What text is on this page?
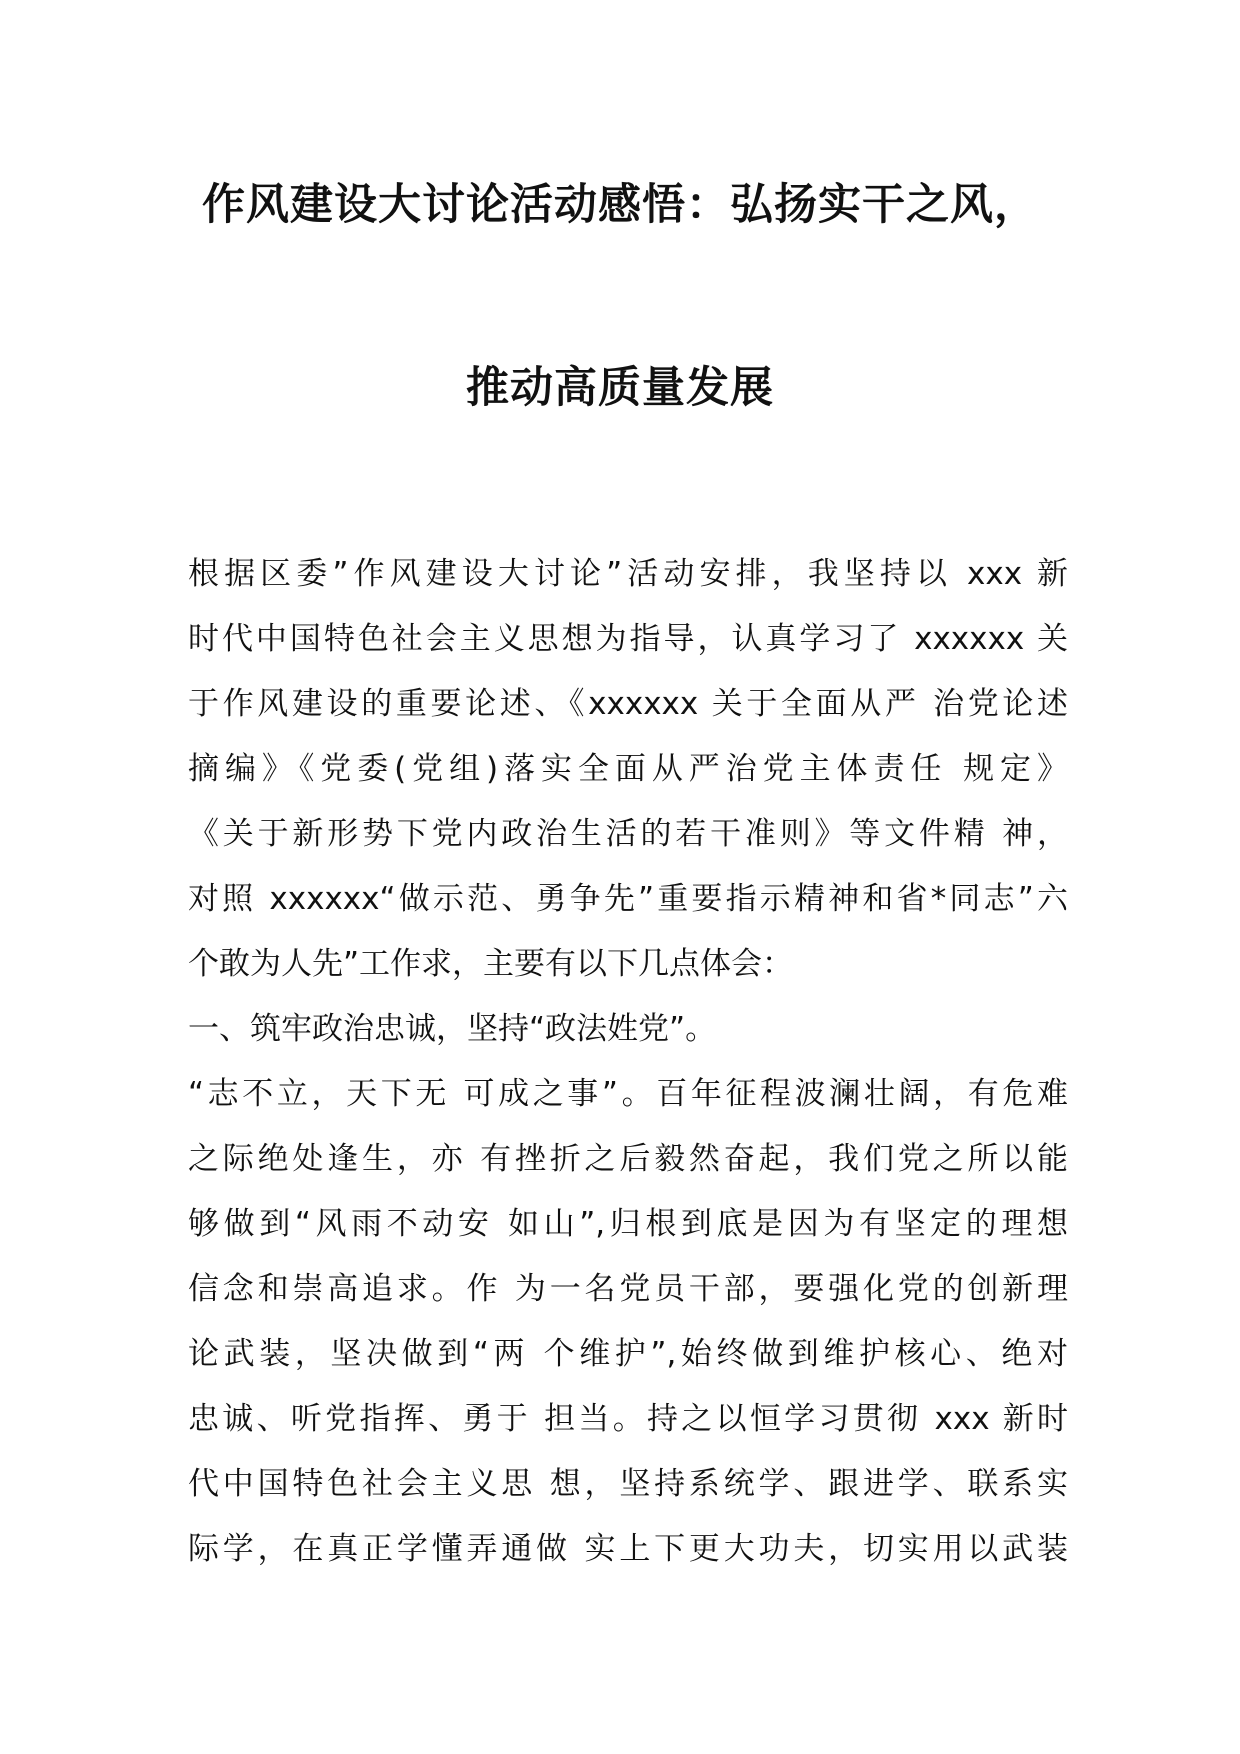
作风建设大讨论活动感悟：弘扬实干之风，
推动高质量发展
根据区委”作风建设大讨论”活动安排，我坚持以 xxx 新
时代中国特色社会主义思想为指导，认真学习了 xxxxxx 关
于作风建设的重要论述、《xxxxxx 关于全面从严 治党论述
摘编》《党委(党组)落实全面从严治党主体责任 规定》
《关于新形势下党内政治生活的若干准则》等文件精 神，
对照 xxxxxx“做示范、勇争先”重要指示精神和省*同志”六
个敢为人先”工作求，主要有以下几点体会：
一、筑牢政治忠诚，坚持“政法姓党”。
“志不立，天下无 可成之事”。百年征程波澜壮阔，有危难
之际绝处逢生，亦 有挫折之后毅然奋起，我们党之所以能
够做到“风雨不动安 如山”,归根到底是因为有坚定的理想
信念和崇高追求。作 为一名党员干部，要强化党的创新理
论武装，坚决做到“两 个维护”,始终做到维护核心、绝对
忠诚、听党指挥、勇于 担当。持之以恒学习贯彻 xxx 新时
代中国特色社会主义思 想，坚持系统学、跟进学、联系实
际学，在真正学懂弄通做 实上下更大功夫，切实用以武装
